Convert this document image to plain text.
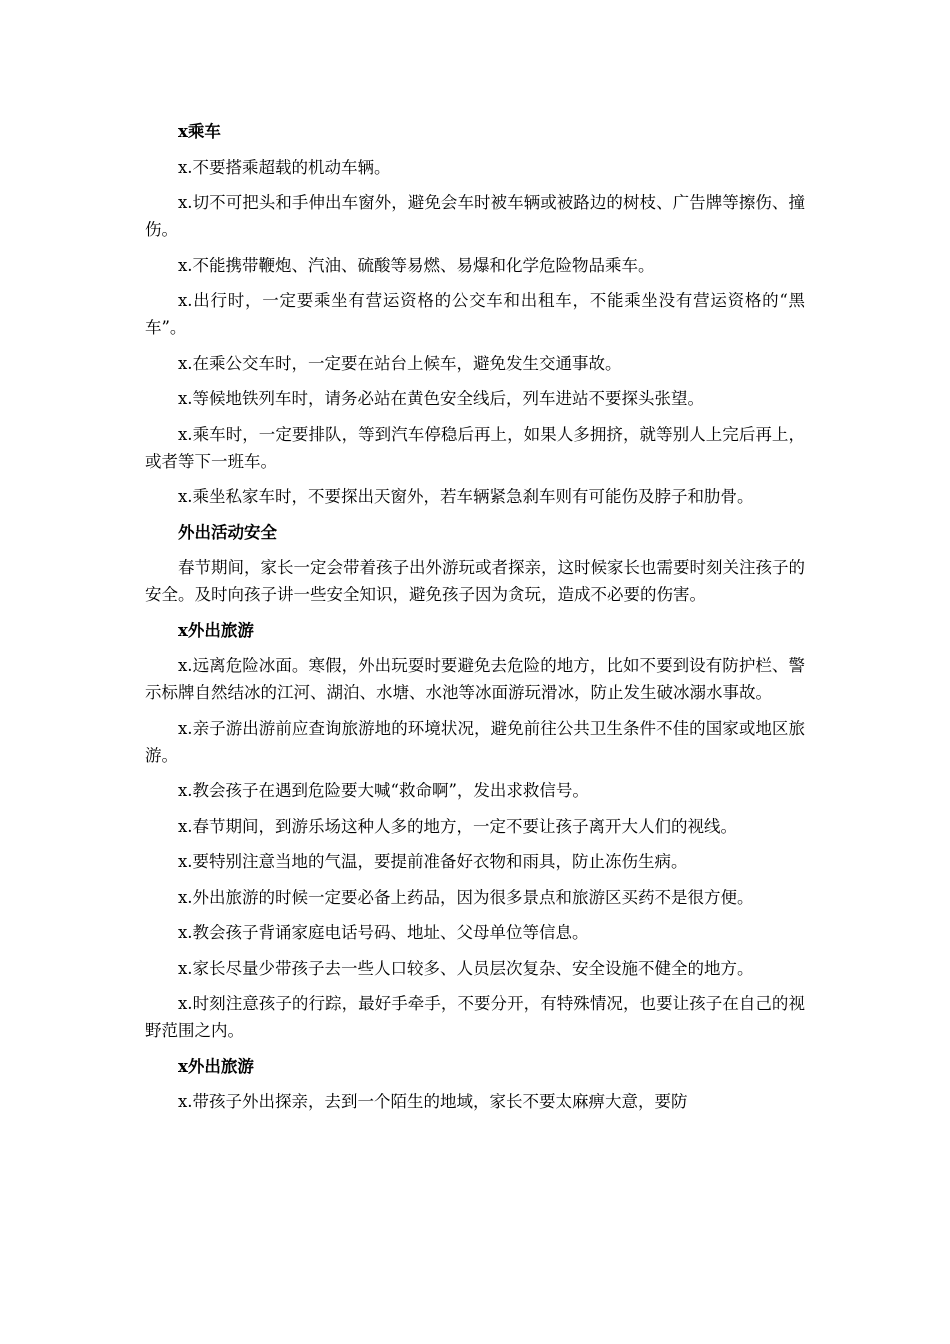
x乘车

x.不要搭乘超载的机动车辆。

x.切不可把头和手伸出车窗外，避免会车时被车辆或被路边的树枝、广告牌等擦伤、撞伤。

x.不能携带鞭炮、汽油、硫酸等易燃、易爆和化学危险物品乘车。

x.出行时，一定要乘坐有营运资格的公交车和出租车，不能乘坐没有营运资格的“黑车”。

x.在乘公交车时，一定要在站台上候车，避免发生交通事故。

x.等候地铁列车时，请务必站在黄色安全线后，列车进站不要探头张望。

x.乘车时，一定要排队，等到汽车停稳后再上，如果人多拥挤，就等别人上完后再上，或者等下一班车。

x.乘坐私家车时，不要探出天窗外，若车辆紧急刹车则有可能伤及脖子和肋骨。

外出活动安全

春节期间，家长一定会带着孩子出外游玩或者探亲，这时候家长也需要时刻关注孩子的安全。及时向孩子讲一些安全知识，避免孩子因为贪玩，造成不必要的伤害。

x外出旅游

x.远离危险冰面。寒假，外出玩耍时要避免去危险的地方，比如不要到设有防护栏、警示标牌自然结冰的江河、湖泊、水塘、水池等冰面游玩滑冰，防止发生破冰溺水事故。

x.亲子游出游前应查询旅游地的环境状况，避免前往公共卫生条件不佳的国家或地区旅游。

x.教会孩子在遇到危险要大喊“救命啊”，发出求救信号。

x.春节期间，到游乐场这种人多的地方，一定不要让孩子离开大人们的视线。

x.要特别注意当地的气温，要提前准备好衣物和雨具，防止冻伤生病。

x.外出旅游的时候一定要必备上药品，因为很多景点和旅游区买药不是很方便。

x.教会孩子背诵家庭电话号码、地址、父母单位等信息。

x.家长尽量少带孩子去一些人口较多、人员层次复杂、安全设施不健全的地方。

x.时刻注意孩子的行踪，最好手牵手，不要分开，有特殊情况，也要让孩子在自己的视野范围之内。

x外出旅游

x.带孩子外出探亲，去到一个陌生的地域，家长不要太麻痹大意，要防
